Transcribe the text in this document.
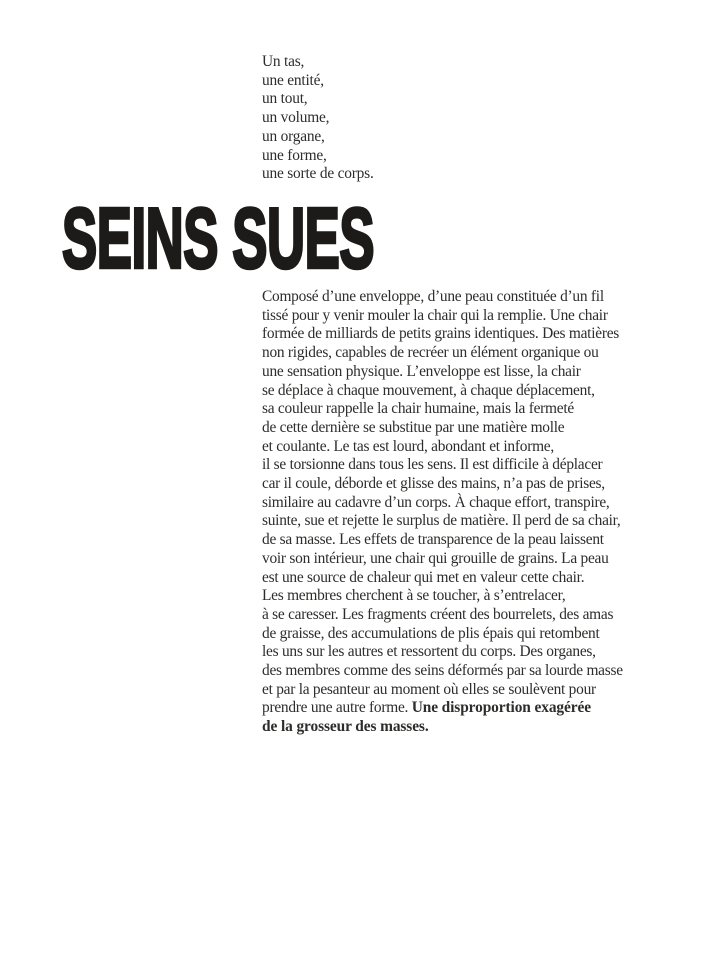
Un tas,
une entité,
un tout,
un volume,
un organe,
une forme,
une sorte de corps.
SEINS SUES
Composé d’une enveloppe, d’une peau constituée d’un fil
tissé pour y venir mouler la chair qui la remplie. Une chair
formée de milliards de petits grains identiques. Des matières
non rigides, capables de recréer un élément organique ou
une sensation physique. L’enveloppe est lisse, la chair
se déplace à chaque mouvement, à chaque déplacement,
sa couleur rappelle la chair humaine, mais la fermeté
de cette dernière se substitue par une matière molle
et coulante. Le tas est lourd, abondant et informe,
il se torsionne dans tous les sens. Il est difficile à déplacer
car il coule, déborde et glisse des mains, n’a pas de prises,
similaire au cadavre d’un corps. À chaque effort, transpire,
suinte, sue et rejette le surplus de matière. Il perd de sa chair,
de sa masse. Les effets de transparence de la peau laissent
voir son intérieur, une chair qui grouille de grains. La peau
est une source de chaleur qui met en valeur cette chair.
Les membres cherchent à se toucher, à s’entrelacer,
à se caresser. Les fragments créent des bourrelets, des amas
de graisse, des accumulations de plis épais qui retombent
les uns sur les autres et ressortent du corps. Des organes,
des membres comme des seins déformés par sa lourde masse
et par la pesanteur au moment où elles se soulèvent pour
prendre une autre forme. Une disproportion exagérée
de la grosseur des masses.
